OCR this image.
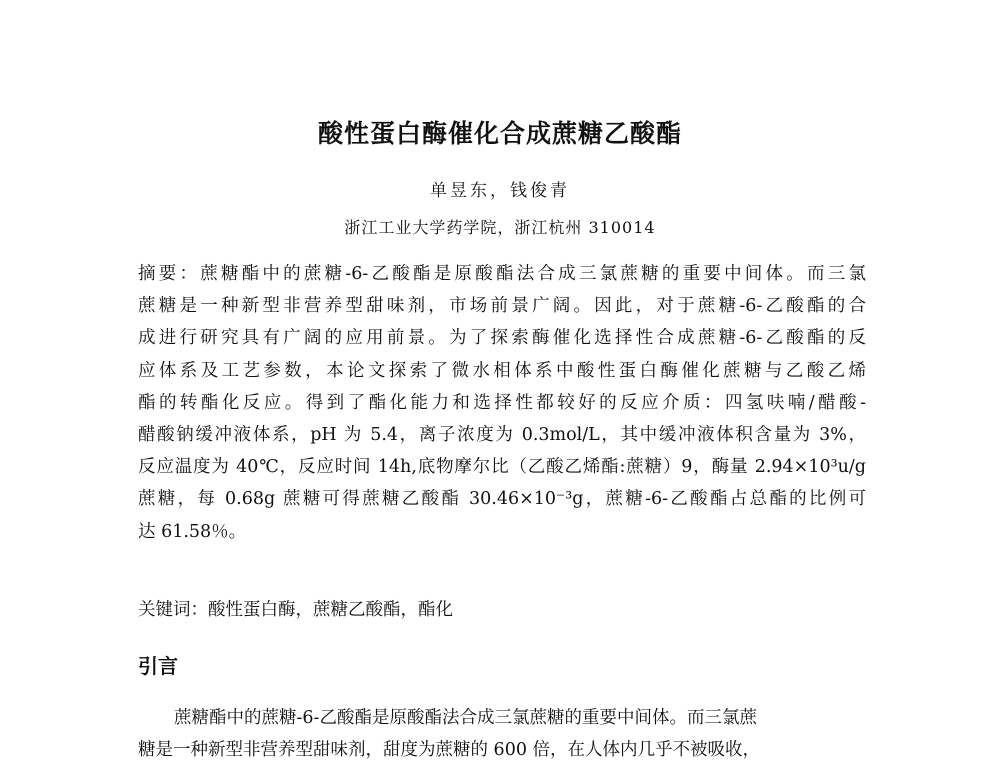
酸性蛋白酶催化合成蔗糖乙酸酯
单昱东，钱俊青
浙江工业大学药学院，浙江杭州 310014
摘要：蔗糖酯中的蔗糖-6-乙酸酯是原酸酯法合成三氯蔗糖的重要中间体。而三氯
蔗糖是一种新型非营养型甜味剂，市场前景广阔。因此，对于蔗糖-6-乙酸酯的合
成进行研究具有广阔的应用前景。为了探索酶催化选择性合成蔗糖-6-乙酸酯的反
应体系及工艺参数，本论文探索了微水相体系中酸性蛋白酶催化蔗糖与乙酸乙烯
酯的转酯化反应。得到了酯化能力和选择性都较好的反应介质：四氢呋喃/醋酸-
醋酸钠缓冲液体系，pH 为 5.4，离子浓度为 0.3mol/L，其中缓冲液体积含量为 3%，
反应温度为 40℃，反应时间 14h,底物摩尔比（乙酸乙烯酯:蔗糖）9，酶量 2.94×10³u/g
蔗糖，每 0.68g 蔗糖可得蔗糖乙酸酯 30.46×10⁻³g，蔗糖-6-乙酸酯占总酯的比例可
达 61.58％。
关键词：酸性蛋白酶，蔗糖乙酸酯，酯化
引言
蔗糖酯中的蔗糖-6-乙酸酯是原酸酯法合成三氯蔗糖的重要中间体。而三氯蔗
糖是一种新型非营养型甜味剂，甜度为蔗糖的 600 倍，在人体内几乎不被吸收，
